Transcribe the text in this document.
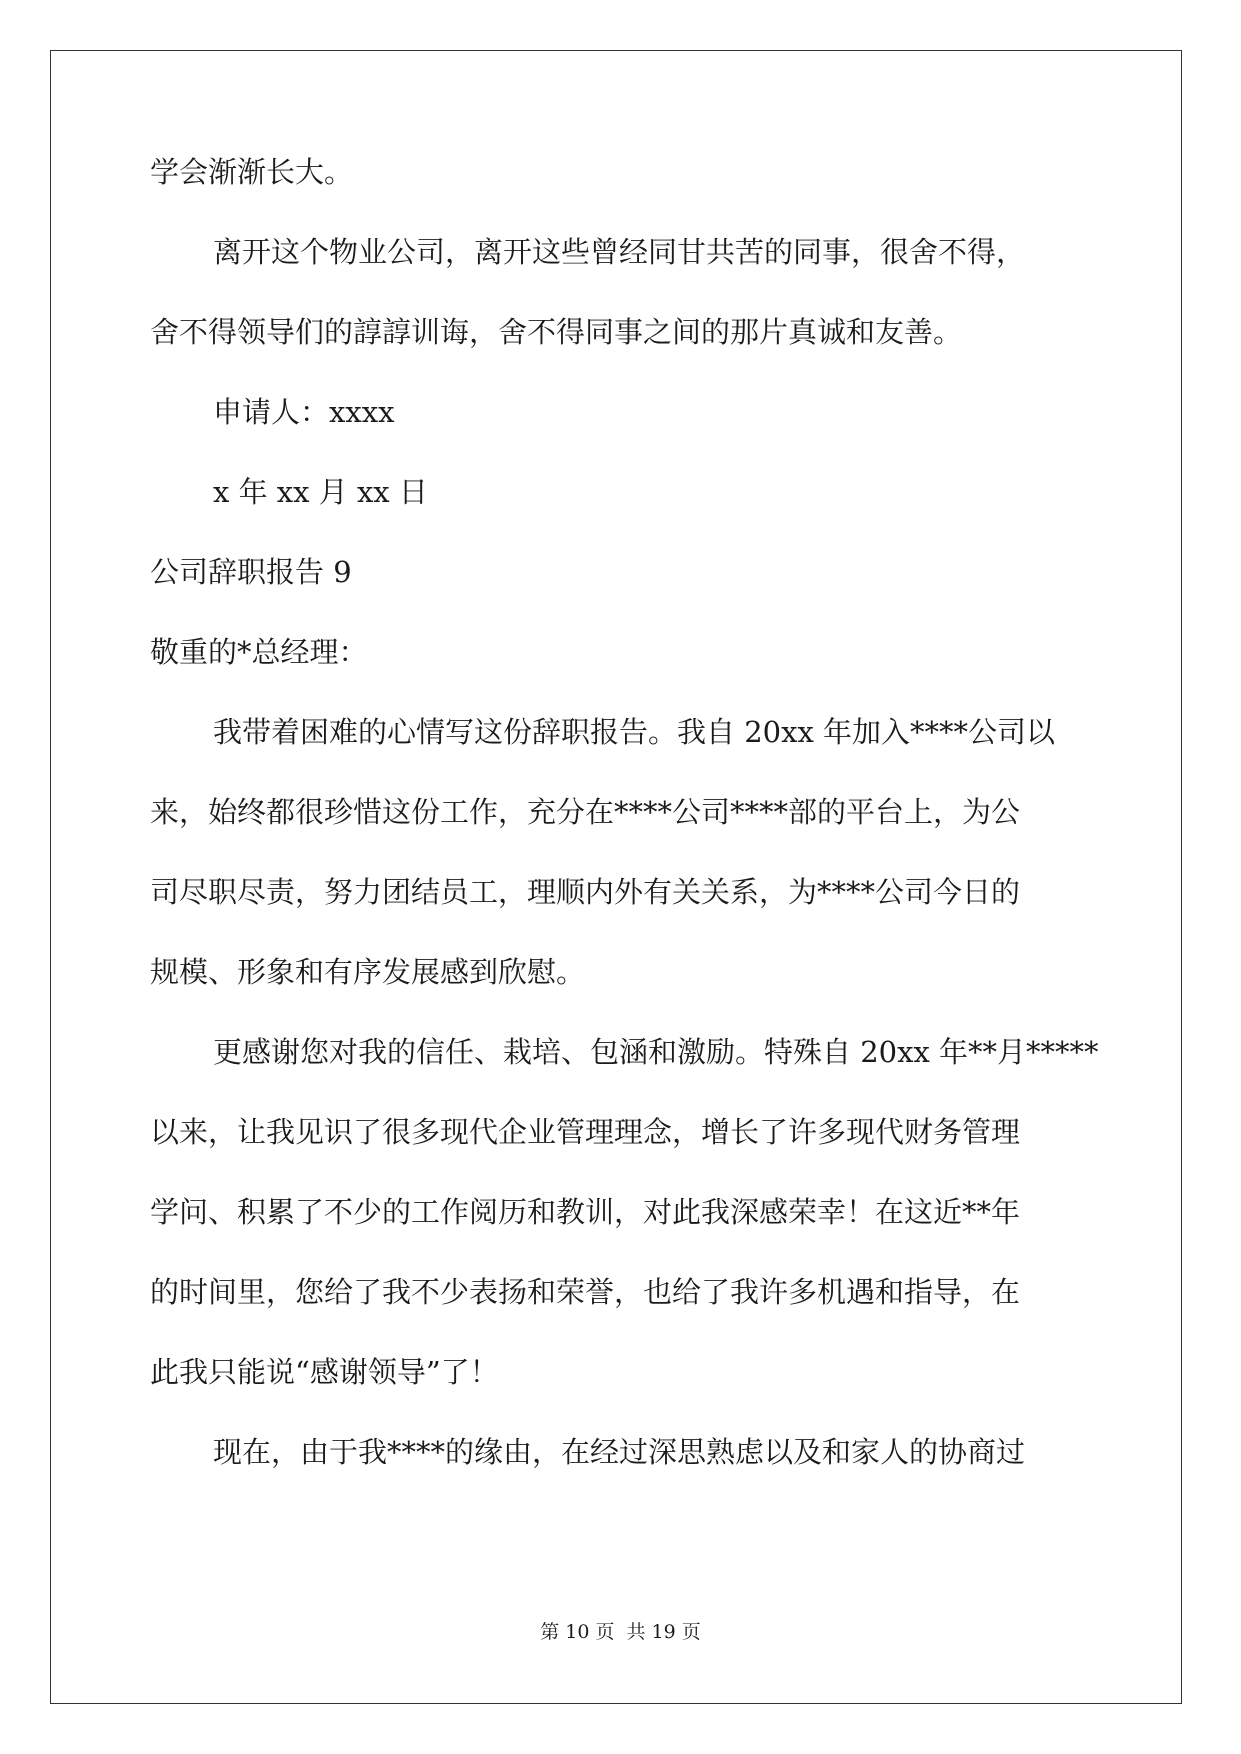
学会渐渐长大。
离开这个物业公司，离开这些曾经同甘共苦的同事，很舍不得，
舍不得领导们的諄諄训诲，舍不得同事之间的那片真诚和友善。
申请人：xxxx
x 年 xx 月 xx 日
公司辞职报告 9
敬重的*总经理：
我带着困难的心情写这份辞职报告。我自 20xx 年加入****公司以
来，始终都很珍惜这份工作，充分在****公司****部的平台上，为公
司尽职尽责，努力团结员工，理顺内外有关关系，为****公司今日的
规模、形象和有序发展感到欣慰。
更感谢您对我的信任、栽培、包涵和激励。特殊自 20xx 年**月*****
以来，让我见识了很多现代企业管理理念，增长了许多现代财务管理
学问、积累了不少的工作阅历和教训，对此我深感荣幸！在这近**年
的时间里，您给了我不少表扬和荣誉，也给了我许多机遇和指导，在
此我只能说“感谢领导”了！
现在，由于我****的缘由，在经过深思熟虑以及和家人的协商过
第 10 页 共 19 页
